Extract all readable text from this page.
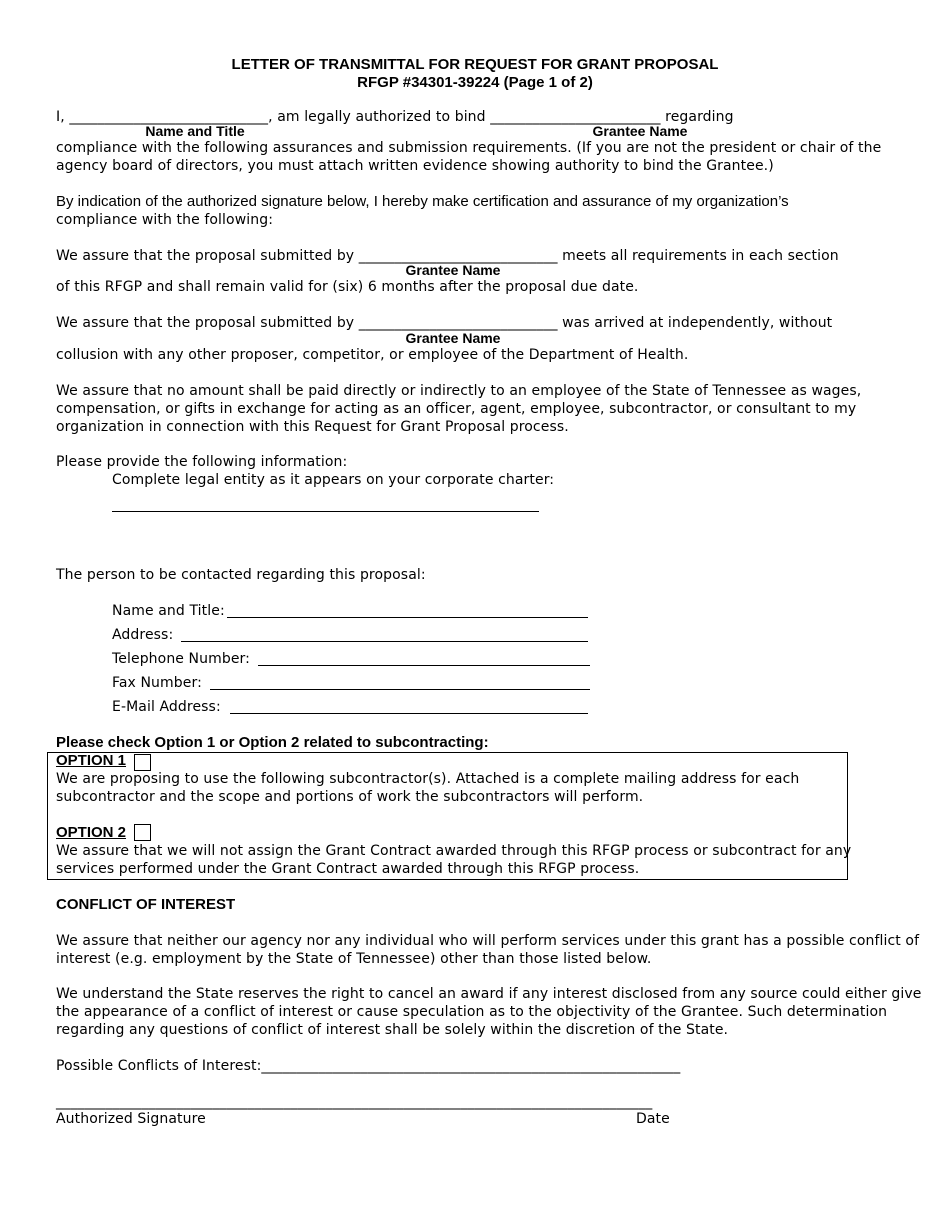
LETTER OF TRANSMITTAL FOR REQUEST FOR GRANT PROPOSAL
RFGP #34301-39224 (Page 1 of 2)
I, ____________________________, am legally authorized to bind ________________________ regarding
Name and Title	Grantee Name
compliance with the following assurances and submission requirements. (If you are not the president or chair of the
agency board of directors, you must attach written evidence showing authority to bind the Grantee.)
By indication of the authorized signature below, I hereby make certification and assurance of my organization’s
compliance with the following:
We assure that the proposal submitted by ____________________________ meets all requirements in each section
Grantee Name
of this RFGP and shall remain valid for (six) 6 months after the proposal due date.
We assure that the proposal submitted by ____________________________ was arrived at independently, without
Grantee Name
collusion with any other proposer, competitor, or employee of the Department of Health.
We assure that no amount shall be paid directly or indirectly to an employee of the State of Tennessee as wages,
compensation, or gifts in exchange for acting as an officer, agent, employee, subcontractor, or consultant to my
organization in connection with this Request for Grant Proposal process.
Please provide the following information:
Complete legal entity as it appears on your corporate charter:
The person to be contacted regarding this proposal:
Name and Title:
Address:
Telephone Number:
Fax Number:
E-Mail Address:
Please check Option 1 or Option 2 related to subcontracting:
OPTION 1
We are proposing to use the following subcontractor(s). Attached is a complete mailing address for each
subcontractor and the scope and portions of work the subcontractors will perform.
OPTION 2
We assure that we will not assign the Grant Contract awarded through this RFGP process or subcontract for any
services performed under the Grant Contract awarded through this RFGP process.
CONFLICT OF INTEREST
We assure that neither our agency nor any individual who will perform services under this grant has a possible conflict of
interest (e.g. employment by the State of Tennessee) other than those listed below.
We understand the State reserves the right to cancel an award if any interest disclosed from any source could either give
the appearance of a conflict of interest or cause speculation as to the objectivity of the Grantee. Such determination
regarding any questions of conflict of interest shall be solely within the discretion of the State.
Possible Conflicts of Interest:___________________________________________________________
____________________________________________________________________________________
Authorized Signature	Date
